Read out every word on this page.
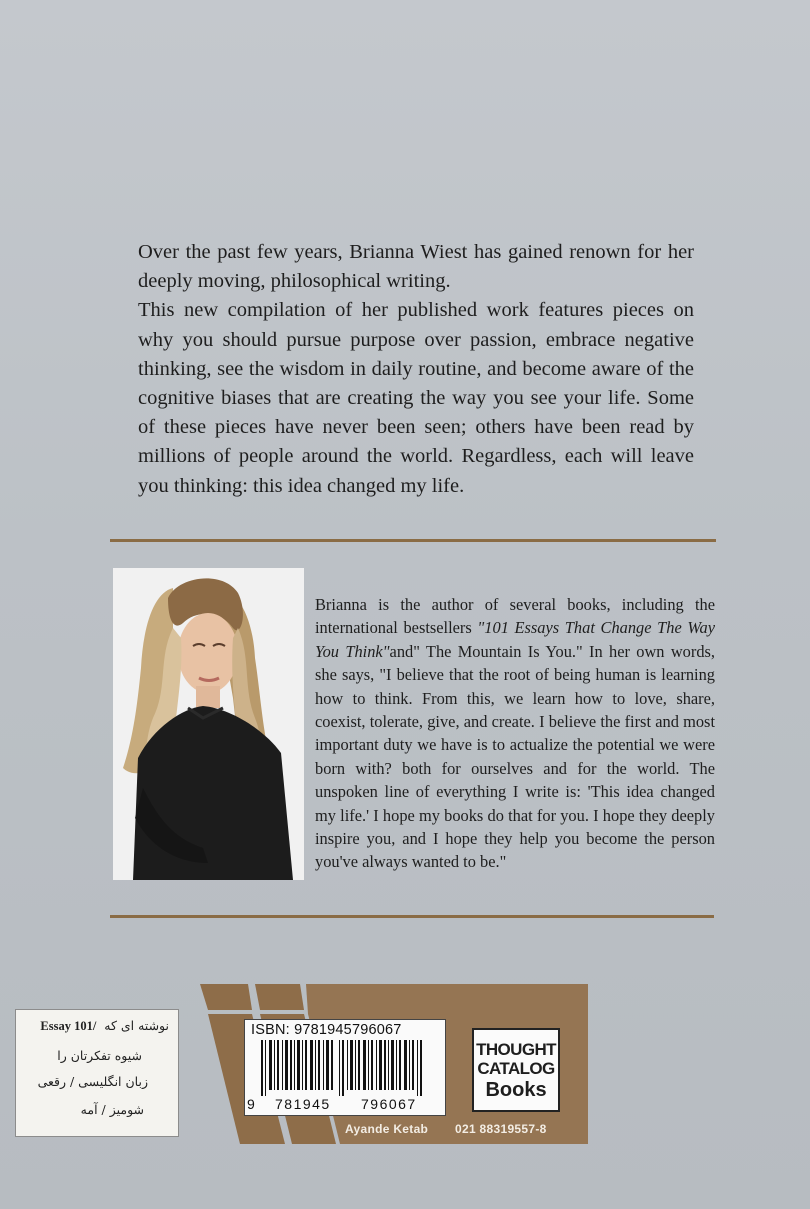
Over the past few years, Brianna Wiest has gained renown for her deeply moving, philosophical writing.

This new compilation of her published work features pieces on why you should pursue purpose over passion, embrace negative thinking, see the wisdom in daily routine, and become aware of the cognitive biases that are creating the way you see your life. Some of these pieces have never been seen; others have been read by millions of people around the world. Regardless, each will leave you thinking: this idea changed my life.

Brianna is the author of several books, including the international bestsellers "101 Essays That Change The Way You Think"and" The Mountain Is You." In her own words, she says, "I believe that the root of being human is learning how to think. From this, we learn how to love, share, coexist, tolerate, give, and create. I believe the first and most important duty we have is to actualize the potential we were born with? both for ourselves and for the world. The unspoken line of everything I write is: 'This idea changed my life.' I hope my books do that for you. I hope they deeply inspire you, and I hope they help you become the person you've always wanted to be."
ISBN: 9781945796067
9 781945 796067
THOUGHT
CATALOG
Books
Ayande Ketab 021 88319557-8
نوشته ای که  Essay 101/
شیوه تفکرتان را
زبان انگلیسی / رقعی
شومیز / آمه
